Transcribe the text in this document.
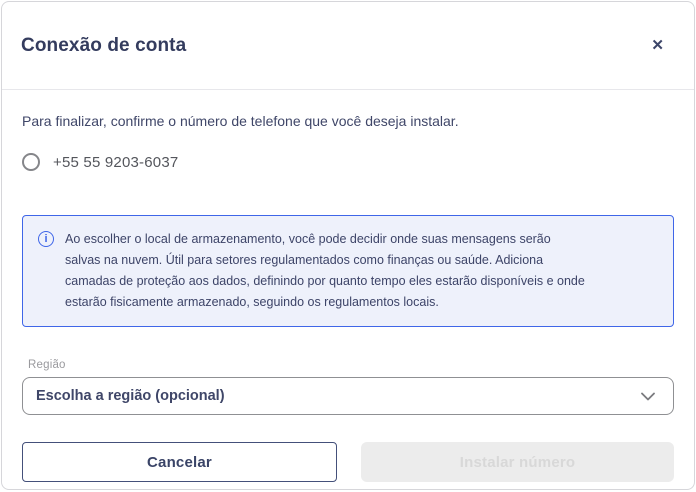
Conexão de conta	✕

Para finalizar, confirme o número de telefone que você deseja instalar.

+55 55 9203-6037
i	Ao escolher o local de armazenamento, você pode decidir onde suas mensagens serão
salvas na nuvem. Útil para setores regulamentados como finanças ou saúde. Adiciona
camadas de proteção aos dados, definindo por quanto tempo eles estarão disponíveis e onde
estarão fisicamente armazenado, seguindo os regulamentos locais.
Região
Escolha a região (opcional)
Cancelar	Instalar número
